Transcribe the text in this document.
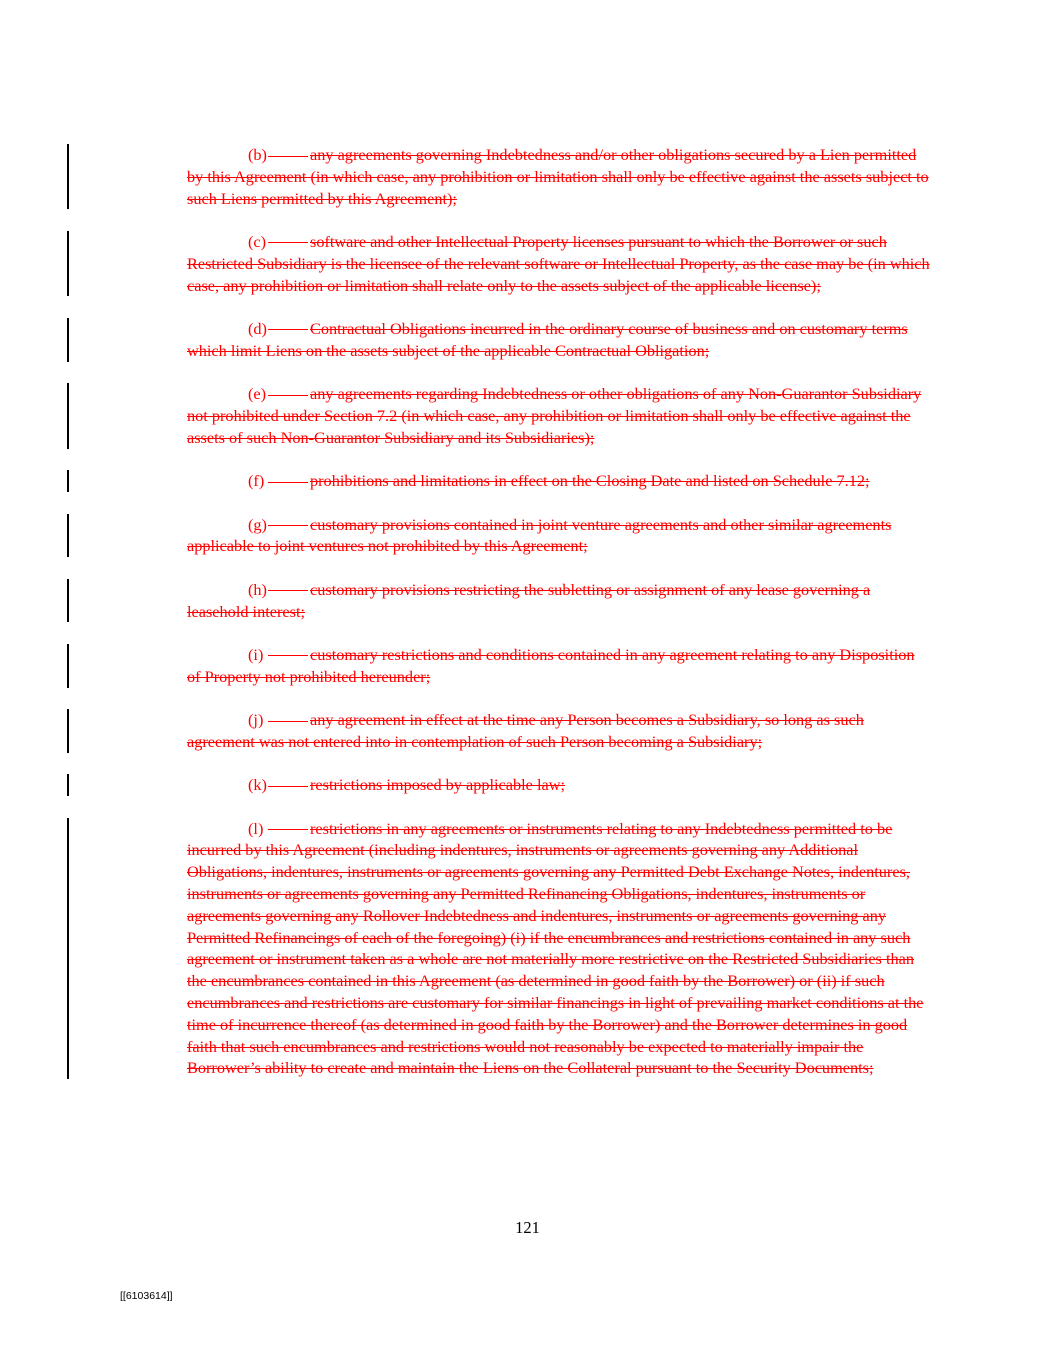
(b)	any agreements governing Indebtedness and/or other obligations secured by a Lien permitted by this Agreement (in which case, any prohibition or limitation shall only be effective against the assets subject to such Liens permitted by this Agreement);

(c)	software and other Intellectual Property licenses pursuant to which the Borrower or such Restricted Subsidiary is the licensee of the relevant software or Intellectual Property, as the case may be (in which case, any prohibition or limitation shall relate only to the assets subject of the applicable license);

(d)	Contractual Obligations incurred in the ordinary course of business and on customary terms which limit Liens on the assets subject of the applicable Contractual Obligation;

(e)	any agreements regarding Indebtedness or other obligations of any Non-Guarantor Subsidiary not prohibited under Section 7.2 (in which case, any prohibition or limitation shall only be effective against the assets of such Non-Guarantor Subsidiary and its Subsidiaries);

(f)	prohibitions and limitations in effect on the Closing Date and listed on Schedule 7.12;

(g)	customary provisions contained in joint venture agreements and other similar agreements applicable to joint ventures not prohibited by this Agreement;

(h)	customary provisions restricting the subletting or assignment of any lease governing a leasehold interest;

(i)	customary restrictions and conditions contained in any agreement relating to any Disposition of Property not prohibited hereunder;

(j)	any agreement in effect at the time any Person becomes a Subsidiary, so long as such agreement was not entered into in contemplation of such Person becoming a Subsidiary;

(k)	restrictions imposed by applicable law;

(l)	restrictions in any agreements or instruments relating to any Indebtedness permitted to be incurred by this Agreement (including indentures, instruments or agreements governing any Additional Obligations, indentures, instruments or agreements governing any Permitted Debt Exchange Notes, indentures, instruments or agreements governing any Permitted Refinancing Obligations, indentures, instruments or agreements governing any Rollover Indebtedness and indentures, instruments or agreements governing any Permitted Refinancings of each of the foregoing) (i) if the encumbrances and restrictions contained in any such agreement or instrument taken as a whole are not materially more restrictive on the Restricted Subsidiaries than the encumbrances contained in this Agreement (as determined in good faith by the Borrower) or (ii) if such encumbrances and restrictions are customary for similar financings in light of prevailing market conditions at the time of incurrence thereof (as determined in good faith by the Borrower) and the Borrower determines in good faith that such encumbrances and restrictions would not reasonably be expected to materially impair the Borrower’s ability to create and maintain the Liens on the Collateral pursuant to the Security Documents;

121
[[6103614]]
